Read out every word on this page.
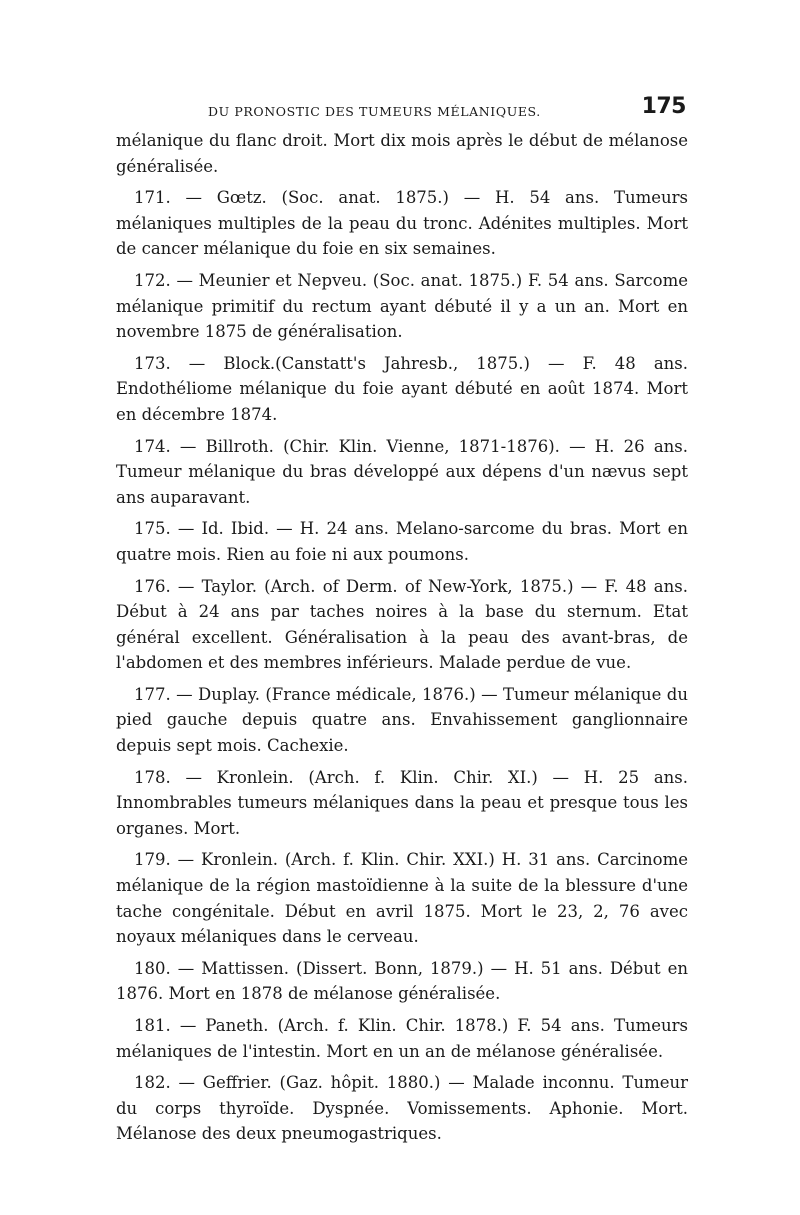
DU PRONOSTIC DES TUMEURS MÉLANIQUES.	175

mélanique du flanc droit. Mort dix mois après le début de mélanose généralisée.

171. — Gœtz. (Soc. anat. 1875.) — H. 54 ans. Tumeurs mélaniques multiples de la peau du tronc. Adénites multiples. Mort de cancer mélanique du foie en six semaines.

172. — Meunier et Nepveu. (Soc. anat. 1875.) F. 54 ans. Sarcome mélanique primitif du rectum ayant débuté il y a un an. Mort en novembre 1875 de généralisation.

173. — Block.(Canstatt's Jahresb., 1875.) — F. 48 ans. Endothéliome mélanique du foie ayant débuté en août 1874. Mort en décembre 1874.

174. — Billroth. (Chir. Klin. Vienne, 1871-1876). — H. 26 ans. Tumeur mélanique du bras développé aux dépens d'un nævus sept ans auparavant.

175. — Id. Ibid. — H. 24 ans. Melano-sarcome du bras. Mort en quatre mois. Rien au foie ni aux poumons.

176. — Taylor. (Arch. of Derm. of New-York, 1875.) — F. 48 ans. Début à 24 ans par taches noires à la base du sternum. Etat général excellent. Généralisation à la peau des avant-bras, de l'abdomen et des membres inférieurs. Malade perdue de vue.

177. — Duplay. (France médicale, 1876.) — Tumeur mélanique du pied gauche depuis quatre ans. Envahissement ganglionnaire depuis sept mois. Cachexie.

178. — Kronlein. (Arch. f. Klin. Chir. XI.) — H. 25 ans. Innombrables tumeurs mélaniques dans la peau et presque tous les organes. Mort.

179. — Kronlein. (Arch. f. Klin. Chir. XXI.) H. 31 ans. Carcinome mélanique de la région mastoïdienne à la suite de la blessure d'une tache congénitale. Début en avril 1875. Mort le 23, 2, 76 avec noyaux mélaniques dans le cerveau.

180. — Mattissen. (Dissert. Bonn, 1879.) — H. 51 ans. Début en 1876. Mort en 1878 de mélanose généralisée.

181. — Paneth. (Arch. f. Klin. Chir. 1878.) F. 54 ans. Tumeurs mélaniques de l'intestin. Mort en un an de mélanose généralisée.

182. — Geffrier. (Gaz. hôpit. 1880.) — Malade inconnu. Tumeur du corps thyroïde. Dyspnée. Vomissements. Aphonie. Mort. Mélanose des deux pneumogastriques.
